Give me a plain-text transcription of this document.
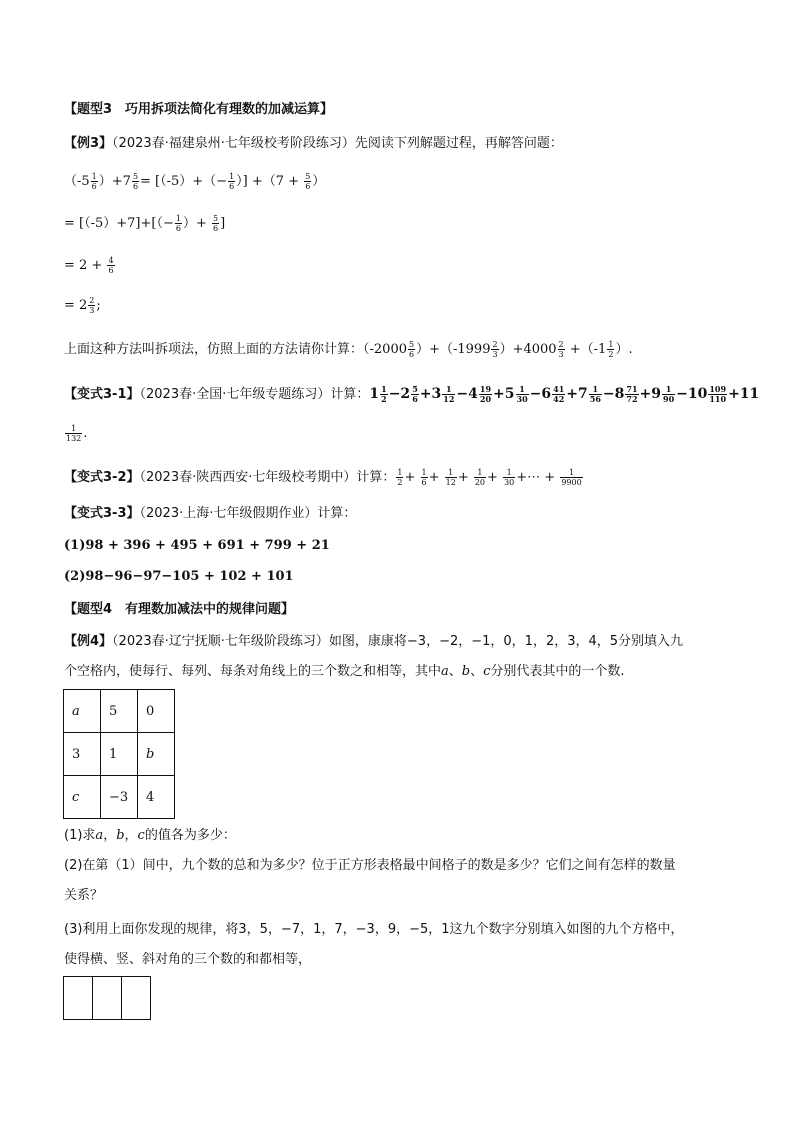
【题型3　巧用拆项法简化有理数的加减运算】
【例3】（2023春·福建泉州·七年级校考阶段练习）先阅读下列解题过程，再解答问题：
$(-5 \frac{1}{6} )+7 \frac{5}{6} = [(-5)+(- \frac{1}{6}$ ）] $+(7 + \frac{5}{6}$ ）
= $[(-5)+7]+[(- \frac{1}{6}$ ）+ $\frac{5}{6}$ ]
= $2 + \frac{4}{6}$
= $2 \frac{2}{3}$ ;
上面这种方法叫拆项法，仿照上面的方法请你计算：$(-2000 \frac{5}{6} )+(-1999 \frac{2}{3} )+4000 \frac{2}{3} +(-1 \frac{1}{2}$ ）.
【变式3-1】（2023春·全国·七年级专题练习）计算：$1 \frac{1}{2} -2 \frac{5}{6} +3 \frac{1}{12} -4 \frac{19}{20} +5 \frac{1}{30} -6 \frac{41}{42} +7 \frac{1}{56} -8 \frac{71}{72} +9 \frac{1}{90} -10 \frac{109}{110} +11$
$\frac{1}{132}$ .
【变式3-2】（2023春·陕西西安·七年级校考期中）计算： $\frac{1}{2} + \frac{1}{6} + \frac{1}{12} + \frac{1}{20} + \frac{1}{30}$ +⋯ + $\frac{1}{9900}$
【变式3-3】（2023·上海·七年级假期作业）计算：
(1)98 + 396 + 495 + 691 + 799 + 21
(2)98−96−97−105 + 102 + 101
【题型4　有理数加减法中的规律问题】
【例4】（2023春·辽宁抚顺·七年级阶段练习）如图，康康将−3，−2，−1，0，1，2，3，4，5分别填入九
个空格内，使每行、每列、每条对角线上的三个数之和相等，其中a、b、c分别代表其中的一个数.
a	5	0
3	1	b
c	−3	4
(1)求a，b，c的值各为多少：
(2)在第（1）间中，九个数的总和为多少？位于正方形表格最中间格子的数是多少？它们之间有怎样的数量
关系？
(3)利用上面你发现的规律，将3，5，−7，1，7，−3，9，−5，1这九个数字分别填入如图的九个方格中，
使得横、竖、斜对角的三个数的和都相等，
